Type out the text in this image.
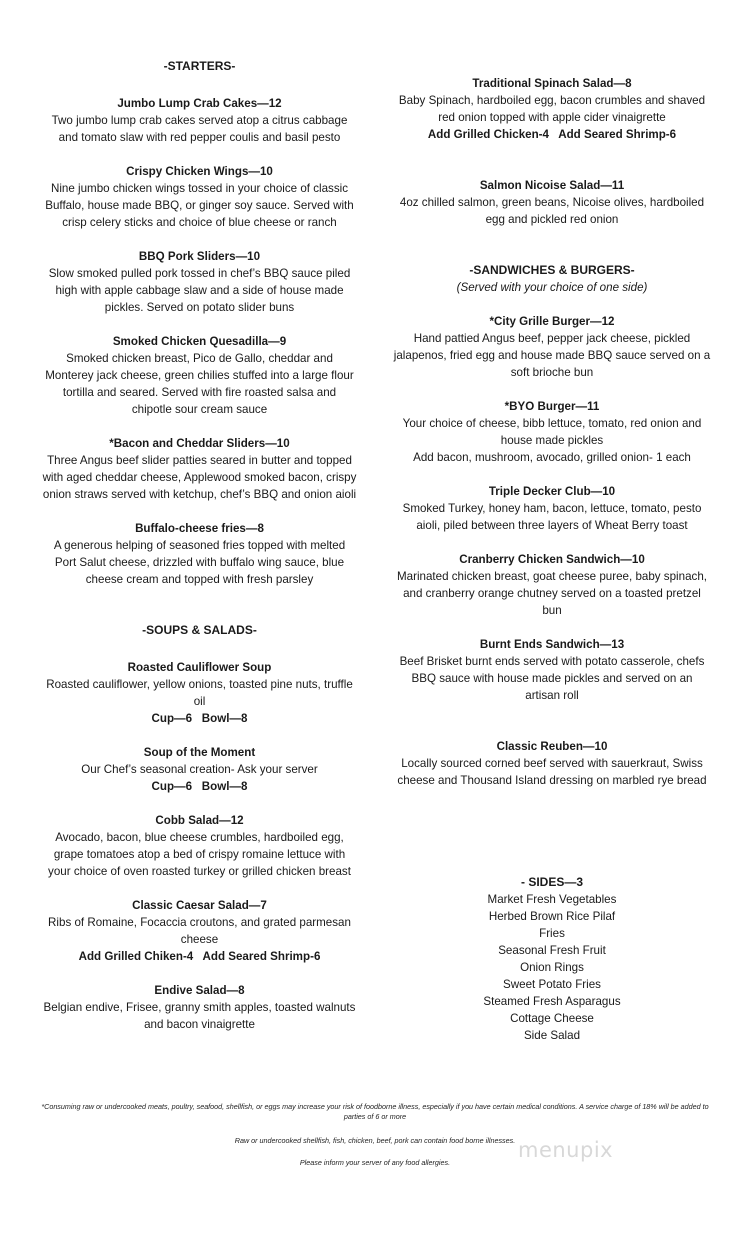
-STARTERS-
Jumbo Lump Crab Cakes—12
Two jumbo lump crab cakes served atop a citrus cabbage and tomato slaw with red pepper coulis and basil pesto
Crispy Chicken Wings—10
Nine jumbo chicken wings tossed in your choice of classic Buffalo, house made BBQ, or ginger soy sauce. Served with crisp celery sticks and choice of blue cheese or ranch
BBQ Pork Sliders—10
Slow smoked pulled pork tossed in chef’s BBQ sauce piled high with apple cabbage slaw and a side of house made pickles. Served on potato slider buns
Smoked Chicken Quesadilla—9
Smoked chicken breast, Pico de Gallo, cheddar and Monterey jack cheese, green chilies stuffed into a large flour tortilla and seared. Served with fire roasted salsa and chipotle sour cream sauce
*Bacon and Cheddar Sliders—10
Three Angus beef slider patties seared in butter and topped with aged cheddar cheese, Applewood smoked bacon, crispy onion straws served with ketchup, chef’s BBQ and onion aioli
Buffalo-cheese fries—8
A generous helping of seasoned fries topped with melted Port Salut cheese, drizzled with buffalo wing sauce, blue cheese cream and topped with fresh parsley
-SOUPS & SALADS-
Roasted Cauliflower Soup
Roasted cauliflower, yellow onions, toasted pine nuts, truffle oil
Cup—6   Bowl—8
Soup of the Moment
Our Chef’s seasonal creation- Ask your server
Cup—6   Bowl—8
Cobb Salad—12
Avocado, bacon, blue cheese crumbles, hardboiled egg, grape tomatoes atop a bed of crispy romaine lettuce with your choice of oven roasted turkey or grilled chicken breast
Classic Caesar Salad—7
Ribs of Romaine, Focaccia croutons, and grated parmesan cheese
Add Grilled Chiken-4   Add Seared Shrimp-6
Endive Salad—8
Belgian endive, Frisee, granny smith apples, toasted walnuts and bacon vinaigrette
Traditional Spinach Salad—8
Baby Spinach, hardboiled egg, bacon crumbles and shaved red onion topped with apple cider vinaigrette
Add Grilled Chicken-4   Add Seared Shrimp-6
Salmon Nicoise Salad—11
4oz chilled salmon, green beans, Nicoise olives, hardboiled egg and pickled red onion
-SANDWICHES & BURGERS-
(Served with your choice of one side)
*City Grille Burger—12
Hand pattied Angus beef, pepper jack cheese, pickled jalapenos, fried egg and house made BBQ sauce served on a soft brioche bun
*BYO Burger—11
Your choice of cheese, bibb lettuce, tomato, red onion and house made pickles
Add bacon, mushroom, avocado, grilled onion- 1 each
Triple Decker Club—10
Smoked Turkey, honey ham, bacon, lettuce, tomato, pesto aioli, piled between three layers of Wheat Berry toast
Cranberry Chicken Sandwich—10
Marinated chicken breast, goat cheese puree, baby spinach, and cranberry orange chutney served on a toasted pretzel bun
Burnt Ends Sandwich—13
Beef Brisket burnt ends served with potato casserole, chefs BBQ sauce with house made pickles and served on an artisan roll
Classic Reuben—10
Locally sourced corned beef served with sauerkraut, Swiss cheese and Thousand Island dressing on marbled rye bread
- SIDES—3
Market Fresh Vegetables
Herbed Brown Rice Pilaf
Fries
Seasonal Fresh Fruit
Onion Rings
Sweet Potato Fries
Steamed Fresh Asparagus
Cottage Cheese
Side Salad
*Consuming raw or undercooked meats, poultry, seafood, shellfish, or eggs may increase your risk of foodborne illness, especially if you have certain medical conditions. A service charge of 18% will be added to parties of 6 or more
Raw or undercooked shellfish, fish, chicken, beef, pork can contain food borne illnesses.
Please inform your server of any food allergies.
menupix
